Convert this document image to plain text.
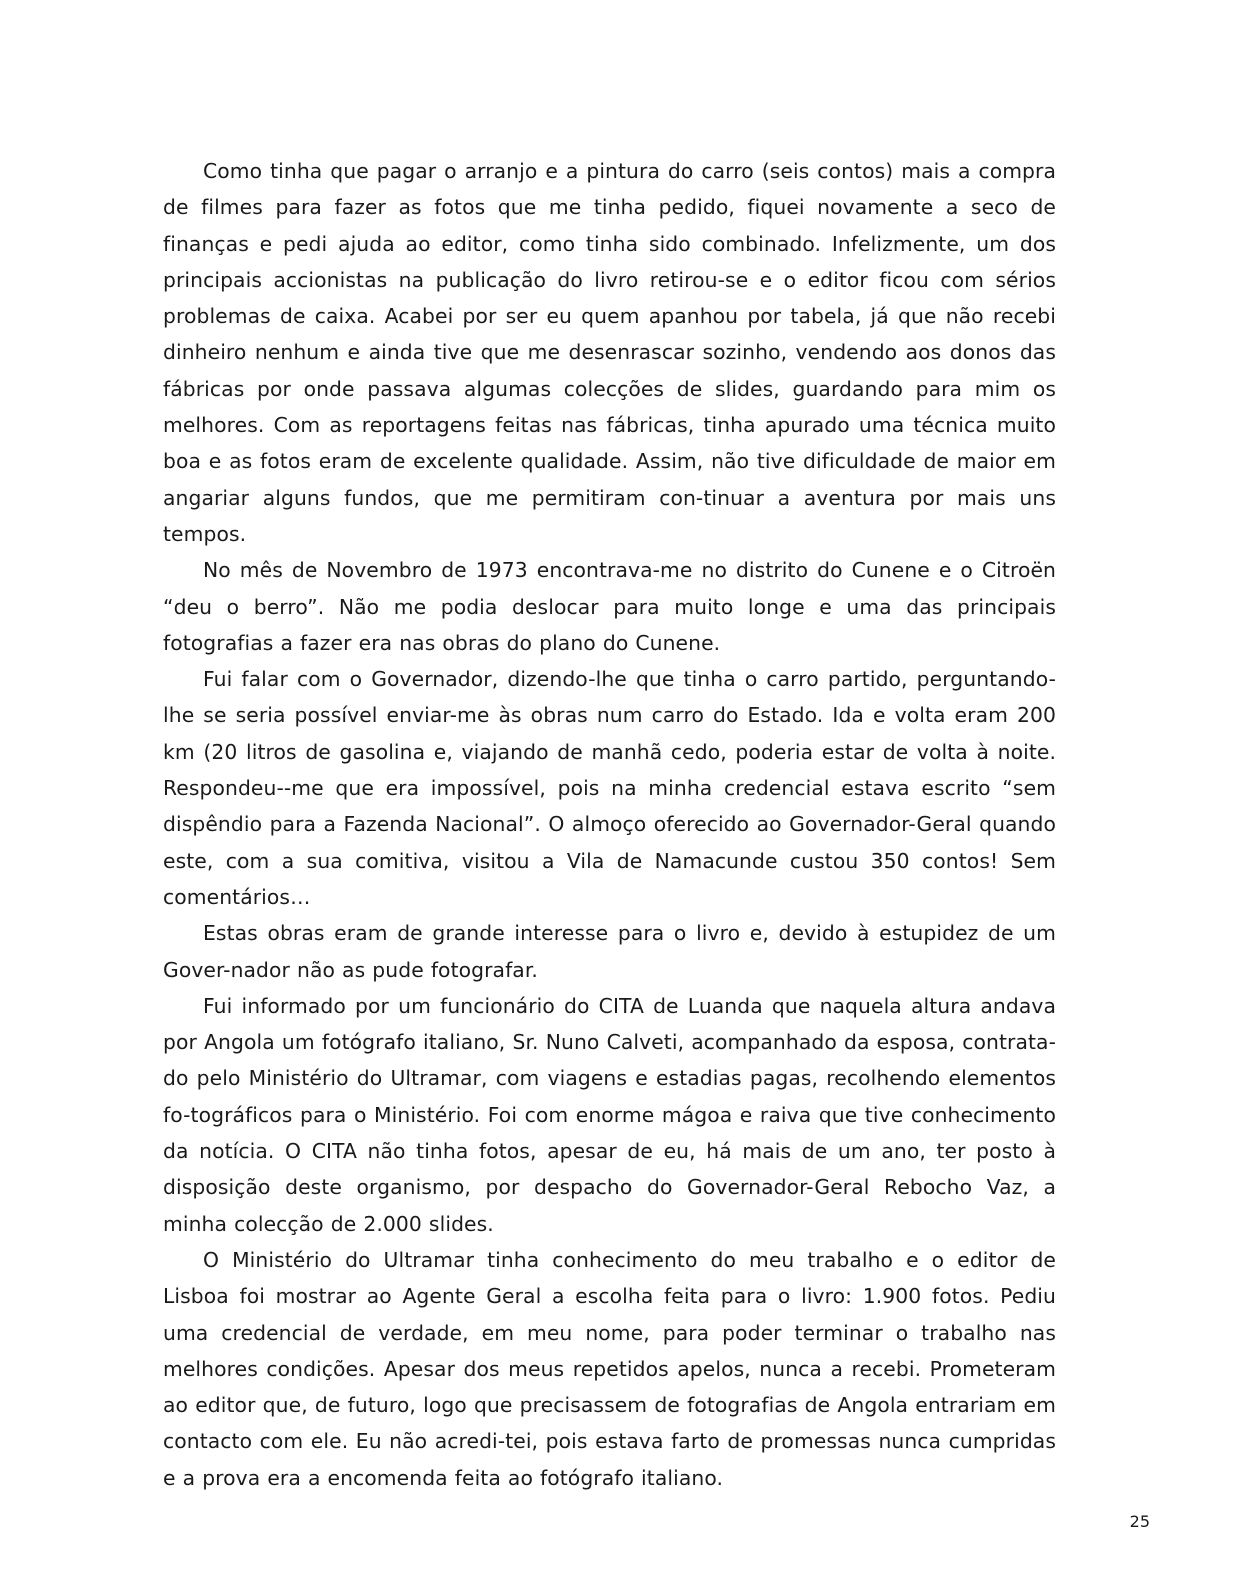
Como tinha que pagar o arranjo e a pintura do carro (seis contos) mais a compra de filmes para fazer as fotos que me tinha pedido, fiquei novamente a seco de finanças e pedi ajuda ao editor, como tinha sido combinado. Infelizmente, um dos principais accionistas na publicação do livro retirou-se e o editor ficou com sérios problemas de caixa. Acabei por ser eu quem apanhou por tabela, já que não recebi dinheiro nenhum e ainda tive que me desenrascar sozinho, vendendo aos donos das fábricas por onde passava algumas colecções de slides, guardando para mim os melhores. Com as reportagens feitas nas fábricas, tinha apurado uma técnica muito boa e as fotos eram de excelente qualidade. Assim, não tive dificuldade de maior em angariar alguns fundos, que me permitiram con-tinuar a aventura por mais uns tempos.

No mês de Novembro de 1973 encontrava-me no distrito do Cunene e o Citroën “deu o berro”. Não me podia deslocar para muito longe e uma das principais fotografias a fazer era nas obras do plano do Cunene.

Fui falar com o Governador, dizendo-lhe que tinha o carro partido, perguntando-lhe se seria possível enviar-me às obras num carro do Estado. Ida e volta eram 200 km (20 litros de gasolina e, viajando de manhã cedo, poderia estar de volta à noite. Respondeu--me que era impossível, pois na minha credencial estava escrito “sem dispêndio para a Fazenda Nacional”. O almoço oferecido ao Governador-Geral quando este, com a sua comitiva, visitou a Vila de Namacunde custou 350 contos! Sem comentários…

Estas obras eram de grande interesse para o livro e, devido à estupidez de um Gover-nador não as pude fotografar.

Fui informado por um funcionário do CITA de Luanda que naquela altura andava por Angola um fotógrafo italiano, Sr. Nuno Calveti, acompanhado da esposa, contrata-do pelo Ministério do Ultramar, com viagens e estadias pagas, recolhendo elementos fo-tográficos para o Ministério. Foi com enorme mágoa e raiva que tive conhecimento da notícia. O CITA não tinha fotos, apesar de eu, há mais de um ano, ter posto à disposição deste organismo, por despacho do Governador-Geral Rebocho Vaz, a minha colecção de 2.000 slides.

O Ministério do Ultramar tinha conhecimento do meu trabalho e o editor de Lisboa foi mostrar ao Agente Geral a escolha feita para o livro: 1.900 fotos. Pediu uma credencial de verdade, em meu nome, para poder terminar o trabalho nas melhores condições. Apesar dos meus repetidos apelos, nunca a recebi. Prometeram ao editor que, de futuro, logo que precisassem de fotografias de Angola entrariam em contacto com ele. Eu não acredi-tei, pois estava farto de promessas nunca cumpridas e a prova era a encomenda feita ao fotógrafo italiano.

25
